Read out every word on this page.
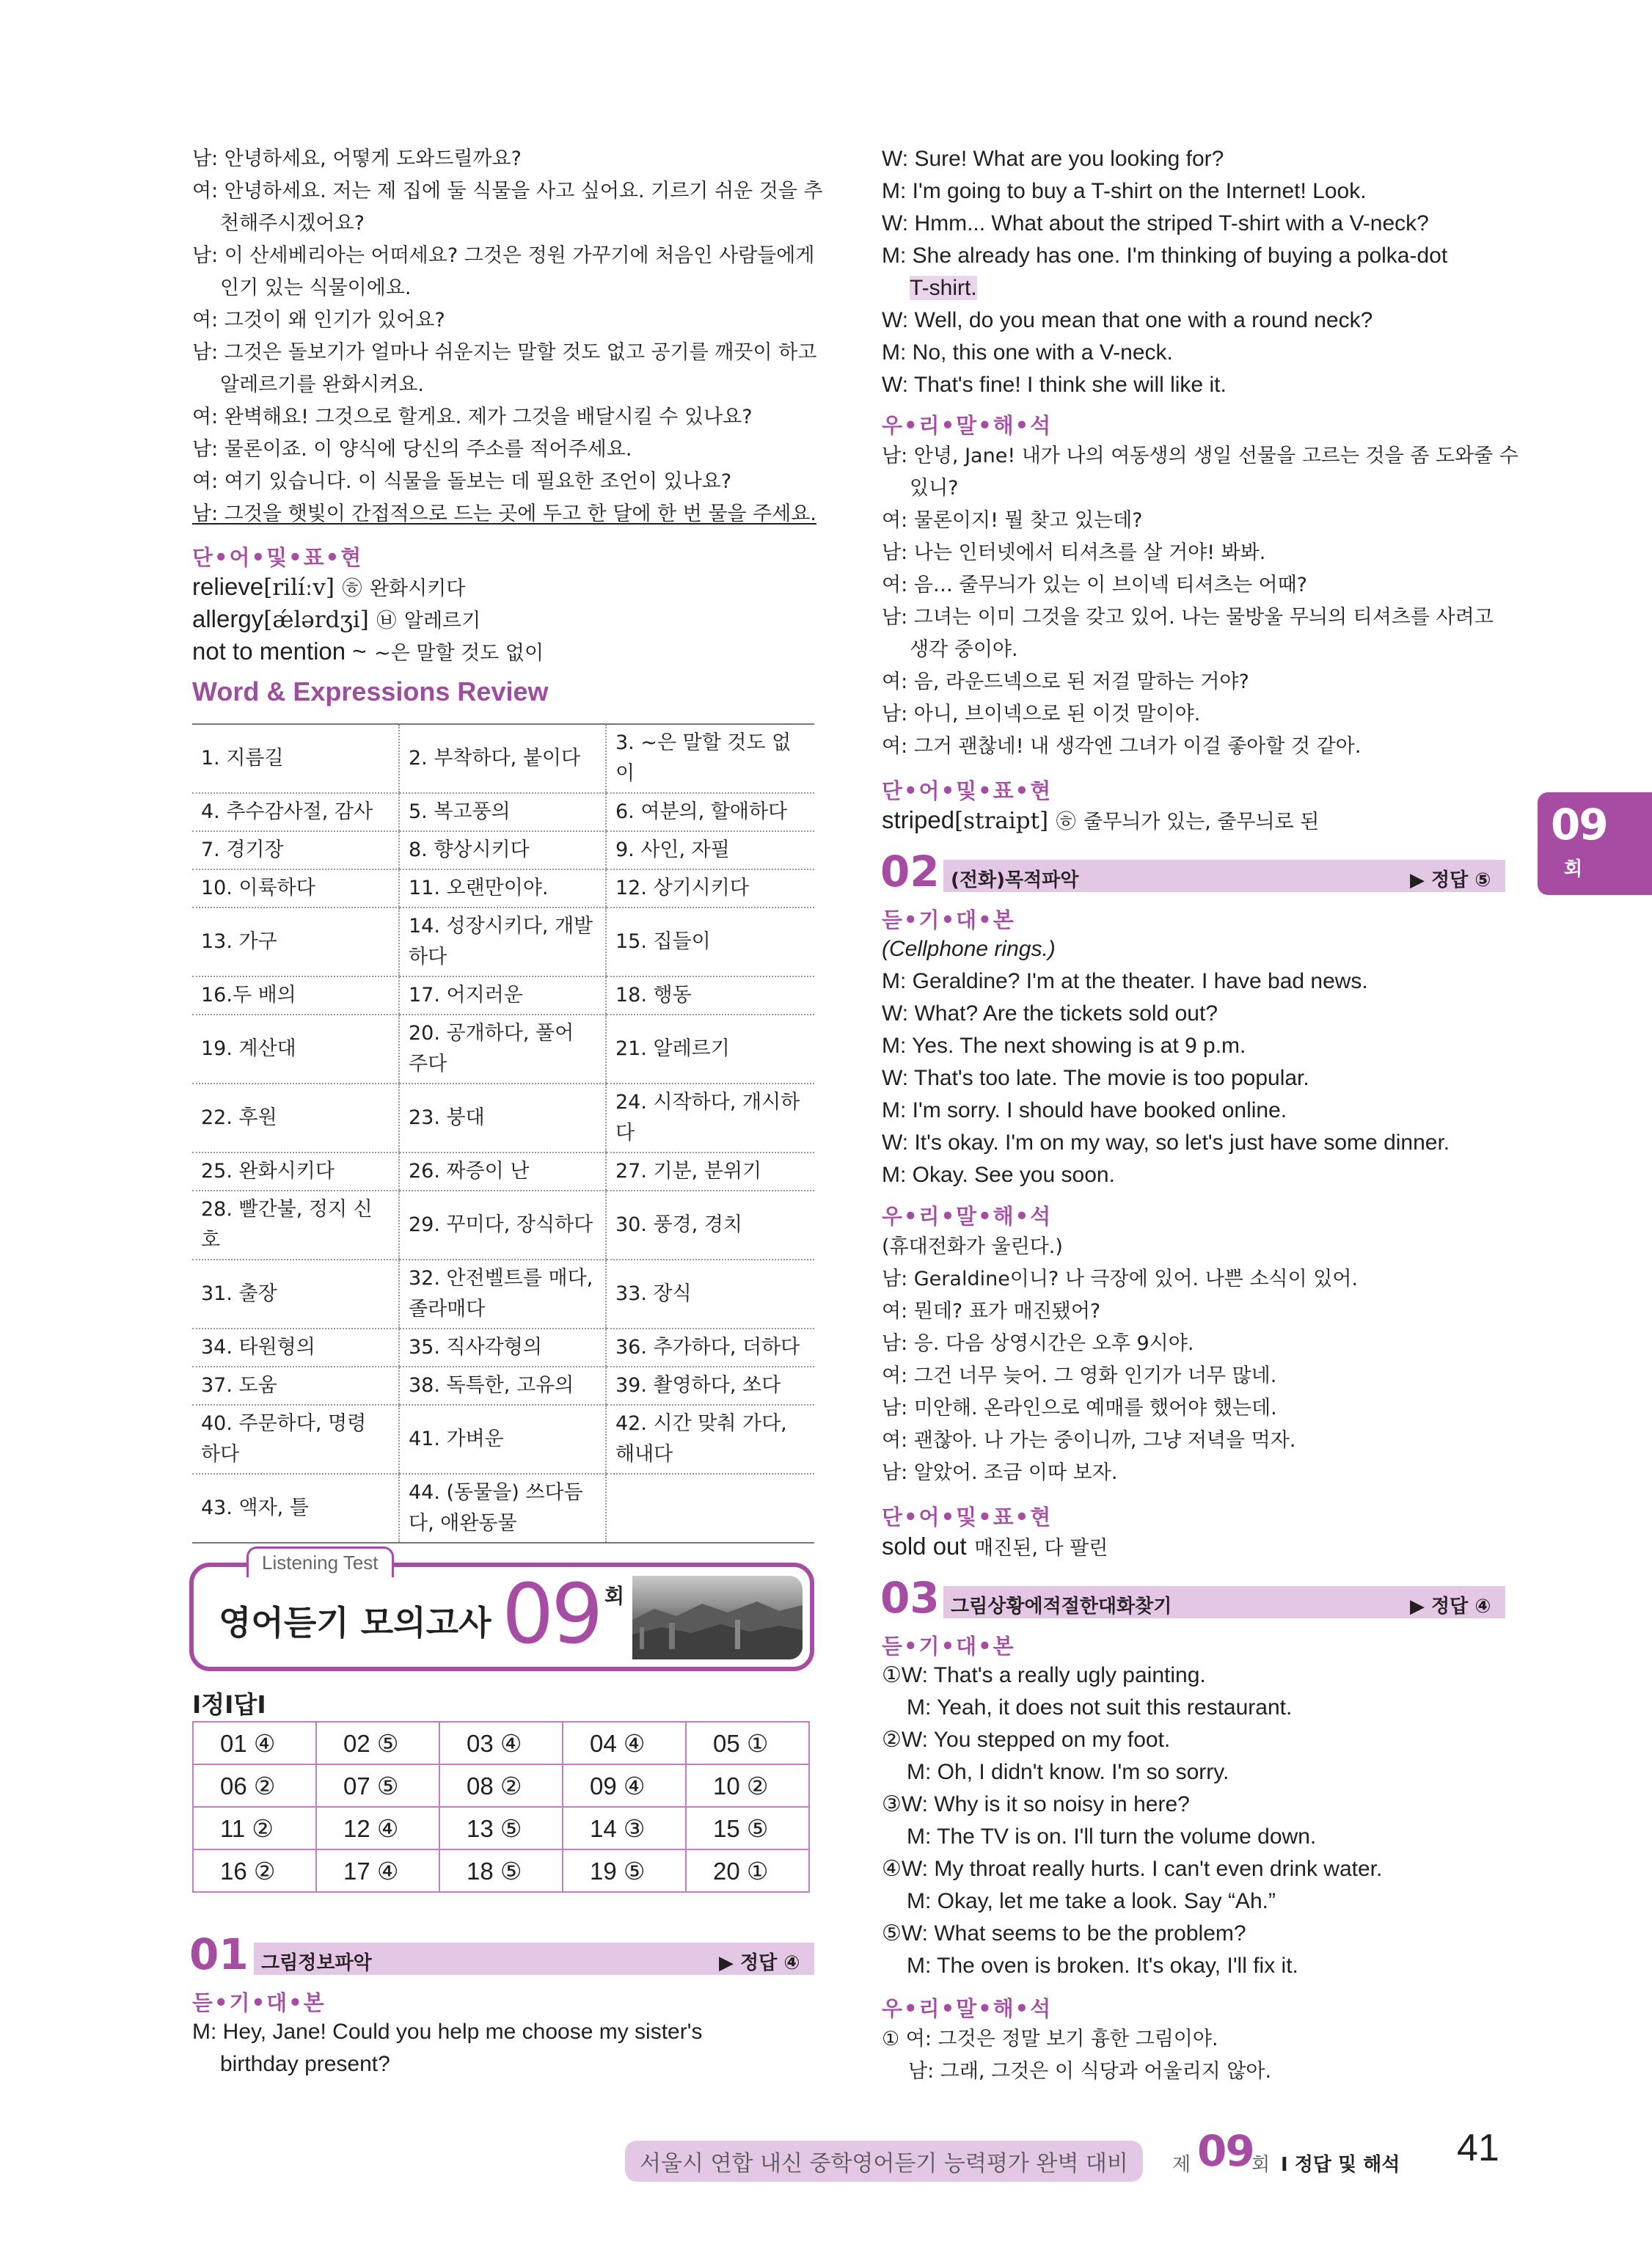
남: 안녕하세요, 어떻게 도와드릴까요?
여: 안녕하세요. 저는 제 집에 둘 식물을 사고 싶어요. 기르기 쉬운 것을 추
천해주시겠어요?
남: 이 산세베리아는 어떠세요? 그것은 정원 가꾸기에 처음인 사람들에게
인기 있는 식물이에요.
여: 그것이 왜 인기가 있어요?
남: 그것은 돌보기가 얼마나 쉬운지는 말할 것도 없고 공기를 깨끗이 하고
알레르기를 완화시켜요.
여: 완벽해요! 그것으로 할게요. 제가 그것을 배달시킬 수 있나요?
남: 물론이죠. 이 양식에 당신의 주소를 적어주세요.
여: 여기 있습니다. 이 식물을 돌보는 데 필요한 조언이 있나요?
남: 그것을 햇빛이 간접적으로 드는 곳에 두고 한 달에 한 번 물을 주세요.
단•어•및•표•현
relieve[rilíːv] ㉭ 완화시키다
allergy[ǽlərdʒi] ㉥ 알레르기
not to mention ~ ~은 말할 것도 없이
Word & Expressions Review
1. 지름길	2. 부착하다, 붙이다	3. ~은 말할 것도 없이
4. 추수감사절, 감사	5. 복고풍의	6. 여분의, 할애하다
7. 경기장	8. 향상시키다	9. 사인, 자필
10. 이륙하다	11. 오랜만이야.	12. 상기시키다
13. 가구	14. 성장시키다, 개발하다	15. 집들이
16.두 배의	17. 어지러운	18. 행동
19. 계산대	20. 공개하다, 풀어 주다	21. 알레르기
22. 후원	23. 붕대	24. 시작하다, 개시하다
25. 완화시키다	26. 짜증이 난	27. 기분, 분위기
28. 빨간불, 정지 신호	29. 꾸미다, 장식하다	30. 풍경, 경치
31. 출장	32. 안전벨트를 매다, 졸라매다	33. 장식
34. 타원형의	35. 직사각형의	36. 추가하다, 더하다
37. 도움	38. 독특한, 고유의	39. 촬영하다, 쏘다
40. 주문하다, 명령 하다	41. 가벼운	42. 시간 맞춰 가다, 해내다
43. 액자, 틀	44. (동물을) 쓰다듬다, 애완동물	
Listening Test
영어듣기 모의고사 09 회
I정I답I
01 ④	02 ⑤	03 ④	04 ④	05 ①
06 ②	07 ⑤	08 ②	09 ④	10 ②
11 ②	12 ④	13 ⑤	14 ③	15 ⑤
16 ②	17 ④	18 ⑤	19 ⑤	20 ①
01 그림정보파악	▶ 정답 ④
듣•기•대•본
M: Hey, Jane! Could you help me choose my sister's
birthday present?
W: Sure! What are you looking for?
M: I'm going to buy a T-shirt on the Internet! Look.
W: Hmm... What about the striped T-shirt with a V-neck?
M: She already has one. I'm thinking of buying a polka-dot
T-shirt.
W: Well, do you mean that one with a round neck?
M: No, this one with a V-neck.
W: That's fine! I think she will like it.
우•리•말•해•석
남: 안녕, Jane! 내가 나의 여동생의 생일 선물을 고르는 것을 좀 도와줄 수
있니?
여: 물론이지! 뭘 찾고 있는데?
남: 나는 인터넷에서 티셔츠를 살 거야! 봐봐.
여: 음… 줄무늬가 있는 이 브이넥 티셔츠는 어때?
남: 그녀는 이미 그것을 갖고 있어. 나는 물방울 무늬의 티셔츠를 사려고
생각 중이야.
여: 음, 라운드넥으로 된 저걸 말하는 거야?
남: 아니, 브이넥으로 된 이것 말이야.
여: 그거 괜찮네! 내 생각엔 그녀가 이걸 좋아할 것 같아.
단•어•및•표•현
striped[straipt] ㉭ 줄무늬가 있는, 줄무늬로 된
02 (전화)목적파악	▶ 정답 ⑤
듣•기•대•본
(Cellphone rings.)
M: Geraldine? I'm at the theater. I have bad news.
W: What? Are the tickets sold out?
M: Yes. The next showing is at 9 p.m.
W: That's too late. The movie is too popular.
M: I'm sorry. I should have booked online.
W: It's okay. I'm on my way, so let's just have some dinner.
M: Okay. See you soon.
우•리•말•해•석
(휴대전화가 울린다.)
남: Geraldine이니? 나 극장에 있어. 나쁜 소식이 있어.
여: 뭔데? 표가 매진됐어?
남: 응. 다음 상영시간은 오후 9시야.
여: 그건 너무 늦어. 그 영화 인기가 너무 많네.
남: 미안해. 온라인으로 예매를 했어야 했는데.
여: 괜찮아. 나 가는 중이니까, 그냥 저녁을 먹자.
남: 알았어. 조금 이따 보자.
단•어•및•표•현
sold out 매진된, 다 팔린
03 그림상황에적절한대화찾기	▶ 정답 ④
듣•기•대•본
①W: That's a really ugly painting.
M: Yeah, it does not suit this restaurant.
②W: You stepped on my foot.
M: Oh, I didn't know. I'm so sorry.
③W: Why is it so noisy in here?
M: The TV is on. I'll turn the volume down.
④W: My throat really hurts. I can't even drink water.
M: Okay, let me take a look. Say “Ah.”
⑤W: What seems to be the problem?
M: The oven is broken. It's okay, I'll fix it.
우•리•말•해•석
① 여: 그것은 정말 보기 흉한 그림이야.
남: 그래, 그것은 이 식당과 어울리지 않아.
09
회
서울시 연합 내신 중학영어듣기 능력평가 완벽 대비	제 09
회 I 정답 및 해석 41
